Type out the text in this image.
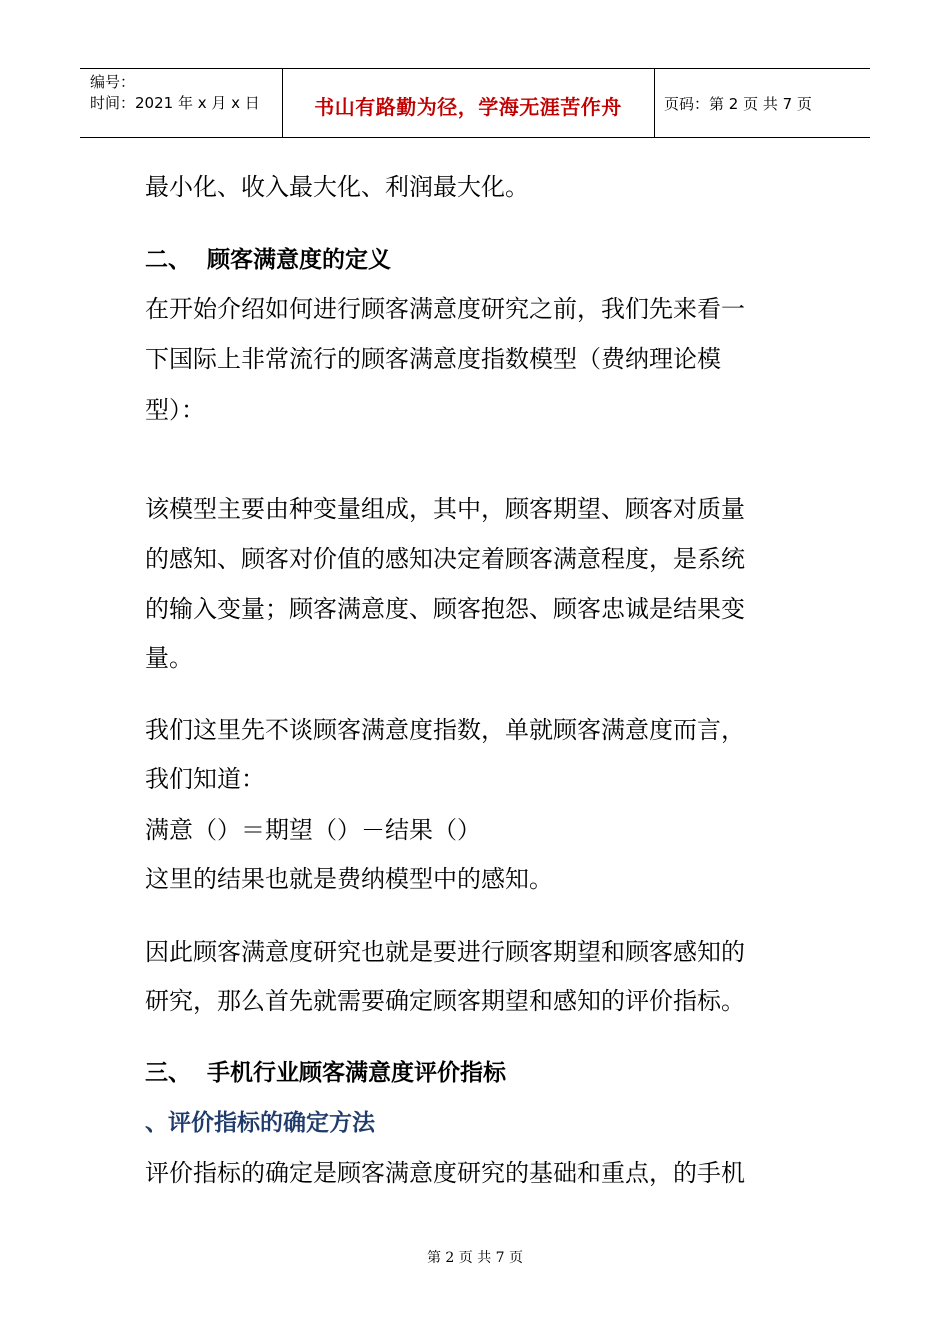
编号：
时间：2021 年 x 月 x 日	书山有路勤为径，学海无涯苦作舟	页码：第 2 页 共 7 页
最小化、收入最大化、利润最大化。
二、 顾客满意度的定义
在开始介绍如何进行顾客满意度研究之前，我们先来看一
下国际上非常流行的顾客满意度指数模型（费纳理论模
型）：
该模型主要由种变量组成，其中，顾客期望、顾客对质量
的感知、顾客对价值的感知决定着顾客满意程度，是系统
的输入变量；顾客满意度、顾客抱怨、顾客忠诚是结果变
量。
我们这里先不谈顾客满意度指数，单就顾客满意度而言，
我们知道：
满意（）＝期望（）－结果（）
这里的结果也就是费纳模型中的感知。
因此顾客满意度研究也就是要进行顾客期望和顾客感知的
研究，那么首先就需要确定顾客期望和感知的评价指标。
三、 手机行业顾客满意度评价指标
、评价指标的确定方法
评价指标的确定是顾客满意度研究的基础和重点，的手机
第 2 页 共 7 页
